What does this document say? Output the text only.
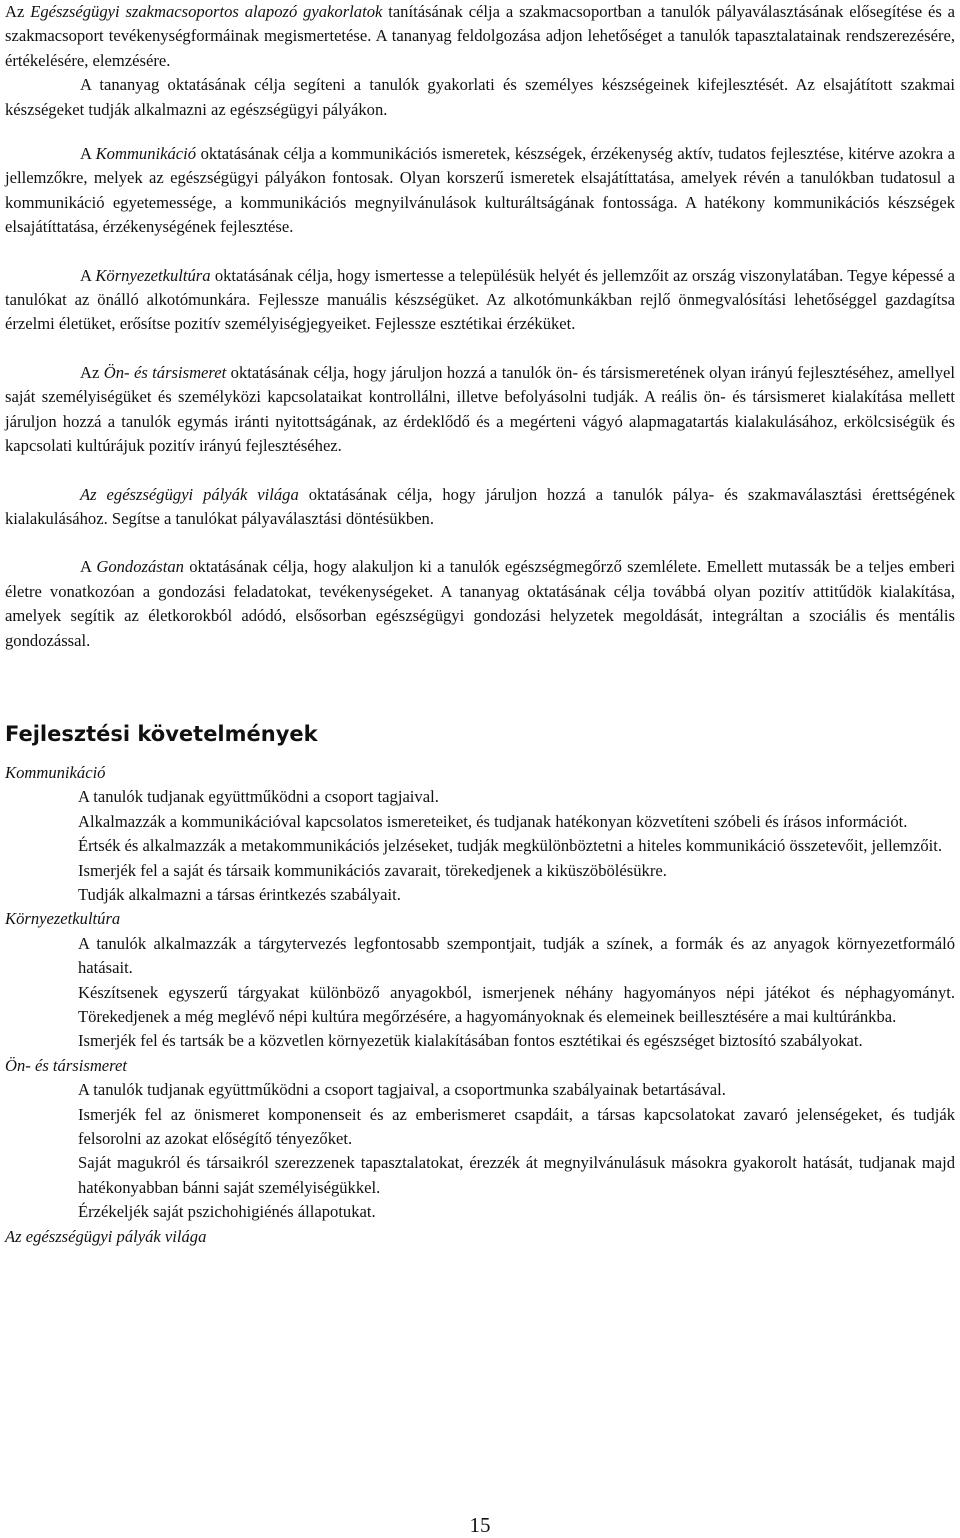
Az Egészségügyi szakmacsoportos alapozó gyakorlatok tanításának célja a szakmacsoportban a tanulók pályaválasztásának elősegítése és a szakmacsoport tevékenységformáinak megismertetése. A tananyag feldolgozása adjon lehetőséget a tanulók tapasztalatainak rendszerezésére, értékelésére, elemzésére.

A tananyag oktatásának célja segíteni a tanulók gyakorlati és személyes készségeinek kifejlesztését. Az elsajátított szakmai készségeket tudják alkalmazni az egészségügyi pályákon.

A Kommunikáció oktatásának célja a kommunikációs ismeretek, készségek, érzékenység aktív, tudatos fejlesztése, kitérve azokra a jellemzőkre, melyek az egészségügyi pályákon fontosak. Olyan korszerű ismeretek elsajátíttatása, amelyek révén a tanulókban tudatosul a kommunikáció egyetemessége, a kommunikációs megnyilvánulások kulturáltságának fontossága. A hatékony kommunikációs készségek elsajátíttatása, érzékenységének fejlesztése.

A Környezetkultúra oktatásának célja, hogy ismertesse a településük helyét és jellemzőit az ország viszonylatában. Tegye képessé a tanulókat az önálló alkotómunkára. Fejlessze manuális készségüket. Az alkotómunkákban rejlő önmegvalósítási lehetőséggel gazdagítsa érzelmi életüket, erősítse pozitív személyiségjegyeiket. Fejlessze esztétikai érzéküket.

Az Ön- és társismeret oktatásának célja, hogy járuljon hozzá a tanulók ön- és társismeretének olyan irányú fejlesztéséhez, amellyel saját személyiségüket és személyközi kapcsolataikat kontrollálni, illetve befolyásolni tudják. A reális ön- és társismeret kialakítása mellett járuljon hozzá a tanulók egymás iránti nyitottságának, az érdeklődő és a megérteni vágyó alapmagatartás kialakulásához, erkölcsiségük és kapcsolati kultúrájuk pozitív irányú fejlesztéséhez.

Az egészségügyi pályák világa oktatásának célja, hogy járuljon hozzá a tanulók pálya- és szakmaválasztási érettségének kialakulásához. Segítse a tanulókat pályaválasztási döntésükben.

A Gondozástan oktatásának célja, hogy alakuljon ki a tanulók egészségmegőrző szemlélete. Emellett mutassák be a teljes emberi életre vonatkozóan a gondozási feladatokat, tevékenységeket. A tananyag oktatásának célja továbbá olyan pozitív attitűdök kialakítása, amelyek segítik az életkorokból adódó, elsősorban egészségügyi gondozási helyzetek megoldását, integráltan a szociális és mentális gondozással.

Fejlesztési követelmények
Kommunikáció

A tanulók tudjanak együttműködni a csoport tagjaival.

Alkalmazzák a kommunikációval kapcsolatos ismereteiket, és tudjanak hatékonyan közvetíteni szóbeli és írásos információt.

Értsék és alkalmazzák a metakommunikációs jelzéseket, tudják megkülönböztetni a hiteles kommunikáció összetevőit, jellemzőit.

Ismerjék fel a saját és társaik kommunikációs zavarait, törekedjenek a kiküszöbölésükre.

Tudják alkalmazni a társas érintkezés szabályait.

Környezetkultúra

A tanulók alkalmazzák a tárgytervezés legfontosabb szempontjait, tudják a színek, a formák és az anyagok környezetformáló hatásait.

Készítsenek egyszerű tárgyakat különböző anyagokból, ismerjenek néhány hagyományos népi játékot és néphagyományt. Törekedjenek a még meglévő népi kultúra megőrzésére, a hagyományoknak és elemeinek beillesztésére a mai kultúránkba.

Ismerjék fel és tartsák be a közvetlen környezetük kialakításában fontos esztétikai és egészséget biztosító szabályokat.

Ön- és társismeret

A tanulók tudjanak együttműködni a csoport tagjaival, a csoportmunka szabályainak betartásával.

Ismerjék fel az önismeret komponenseit és az emberismeret csapdáit, a társas kapcsolatokat zavaró jelenségeket, és tudják felsorolni az azokat előségítő tényezőket.

Saját magukról és társaikról szerezzenek tapasztalatokat, érezzék át megnyilvánulásuk másokra gyakorolt hatását, tudjanak majd hatékonyabban bánni saját személyiségükkel.

Érzékeljék saját pszichohigiénés állapotukat.

Az egészségügyi pályák világa
15
